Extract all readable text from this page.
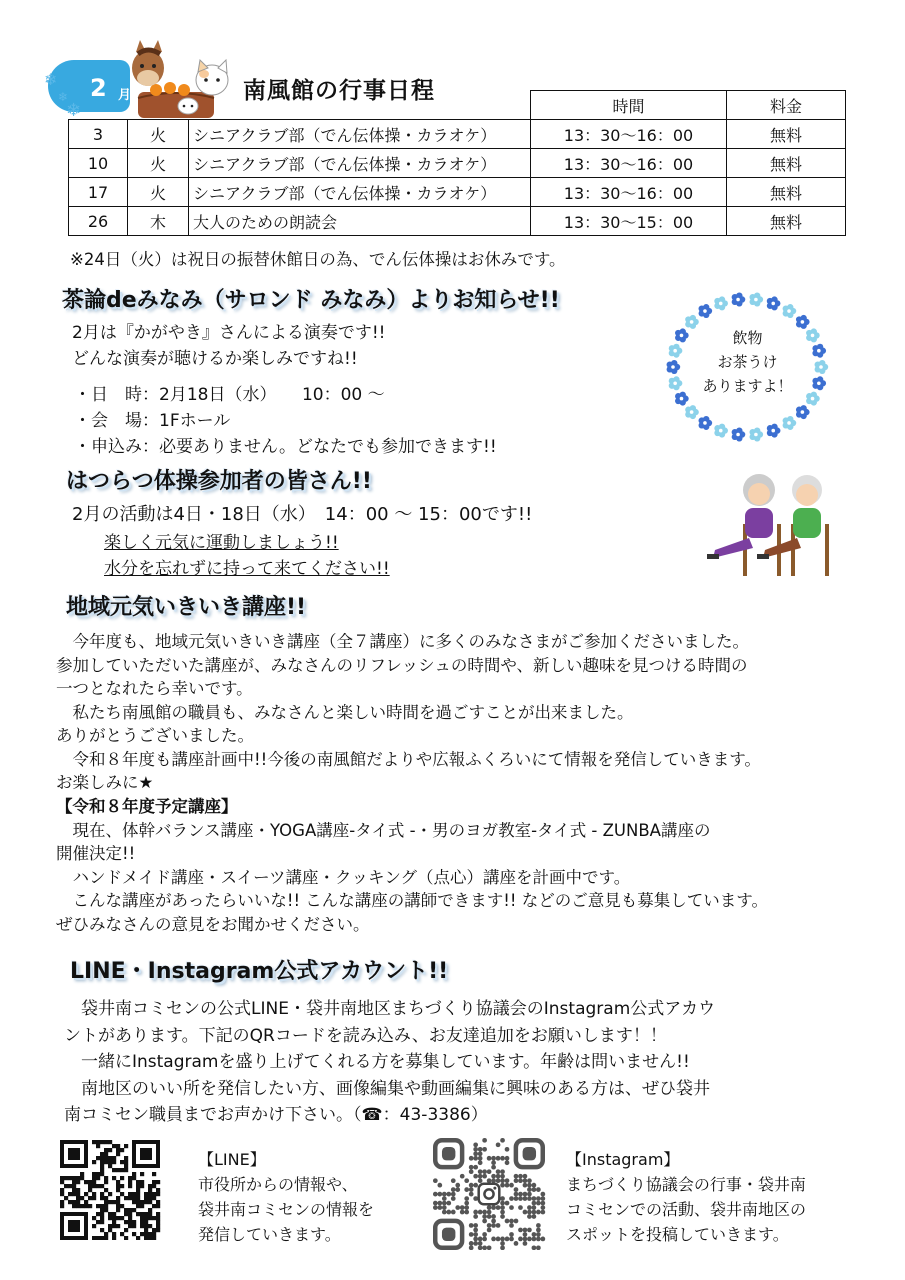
2 月
❄
❄
❄
南風館の行事日程
時間	料金
3	火	シニアクラブ部（でん伝体操・カラオケ）	13：30〜16：00	無料
10	火	シニアクラブ部（でん伝体操・カラオケ）	13：30〜16：00	無料
17	火	シニアクラブ部（でん伝体操・カラオケ）	13：30〜16：00	無料
26	木	大人のための朗読会	13：30〜15：00	無料
※24日（火）は祝日の振替休館日の為、でん伝体操はお休みです。
茶論deみなみ（サロンド みなみ）よりお知らせ!!
2月は『かがやき』さんによる演奏です!!
どんな演奏が聴けるか楽しみですね!!
・日　時：2月18日（水）　　10：00 〜
・会　場：1Fホール
・申込み：必要ありません。どなたでも参加できます!!
飲物
お茶うけ
ありますよ！
はつらつ体操参加者の皆さん!!
2月の活動は4日・18日（水）　14：00 〜 15：00です!!
楽しく元気に運動しましょう!!
水分を忘れずに持って来てください!!
地域元気いきいき講座!!
　今年度も、地域元気いきいき講座（全７講座）に多くのみなさまがご参加くださいました。
参加していただいた講座が、みなさんのリフレッシュの時間や、新しい趣味を見つける時間の
一つとなれたら幸いです。
　私たち南風館の職員も、みなさんと楽しい時間を過ごすことが出来ました。
ありがとうございました。
　令和８年度も講座計画中!!今後の南風館だよりや広報ふくろいにて情報を発信していきます。
お楽しみに★
【令和８年度予定講座】
　現在、体幹バランス講座・YOGA講座-タイ式 -・男のヨガ教室-タイ式 - ZUNBA講座の
開催決定!!
　ハンドメイド講座・スイーツ講座・クッキング（点心）講座を計画中です。
　こんな講座があったらいいな!! こんな講座の講師できます!! などのご意見も募集しています。
ぜひみなさんの意見をお聞かせください。
LINE・Instagram公式アカウント!!
　袋井南コミセンの公式LINE・袋井南地区まちづくり協議会のInstagram公式アカウ
ントがあります。下記のQRコードを読み込み、お友達追加をお願いします！！
　一緒にInstagramを盛り上げてくれる方を募集しています。年齢は問いません!!
　南地区のいい所を発信したい方、画像編集や動画編集に興味のある方は、ぜひ袋井
南コミセン職員までお声かけ下さい。（☎：43-3386）
【LINE】
市役所からの情報や、
袋井南コミセンの情報を
発信していきます。
【Instagram】
まちづくり協議会の行事・袋井南
コミセンでの活動、袋井南地区の
スポットを投稿していきます。
